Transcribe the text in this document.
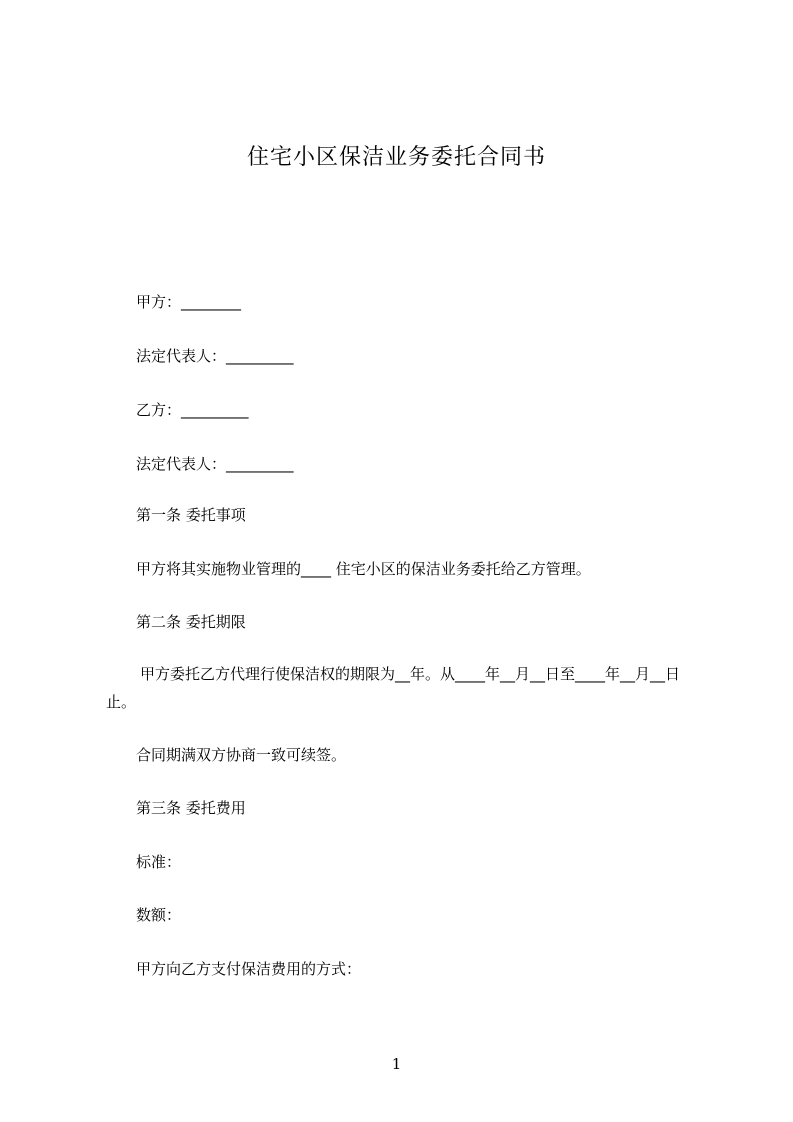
住宅小区保洁业务委托合同书
甲方：________
法定代表人：_________
乙方：_________
法定代表人：_________
第一条 委托事项
甲方将其实施物业管理的____ 住宅小区的保洁业务委托给乙方管理。
第二条 委托期限
甲方委托乙方代理行使保洁权的期限为__年。从____年__月__日至____年__月__日止。
合同期满双方协商一致可续签。
第三条 委托费用
标准：
数额：
甲方向乙方支付保洁费用的方式：
1
